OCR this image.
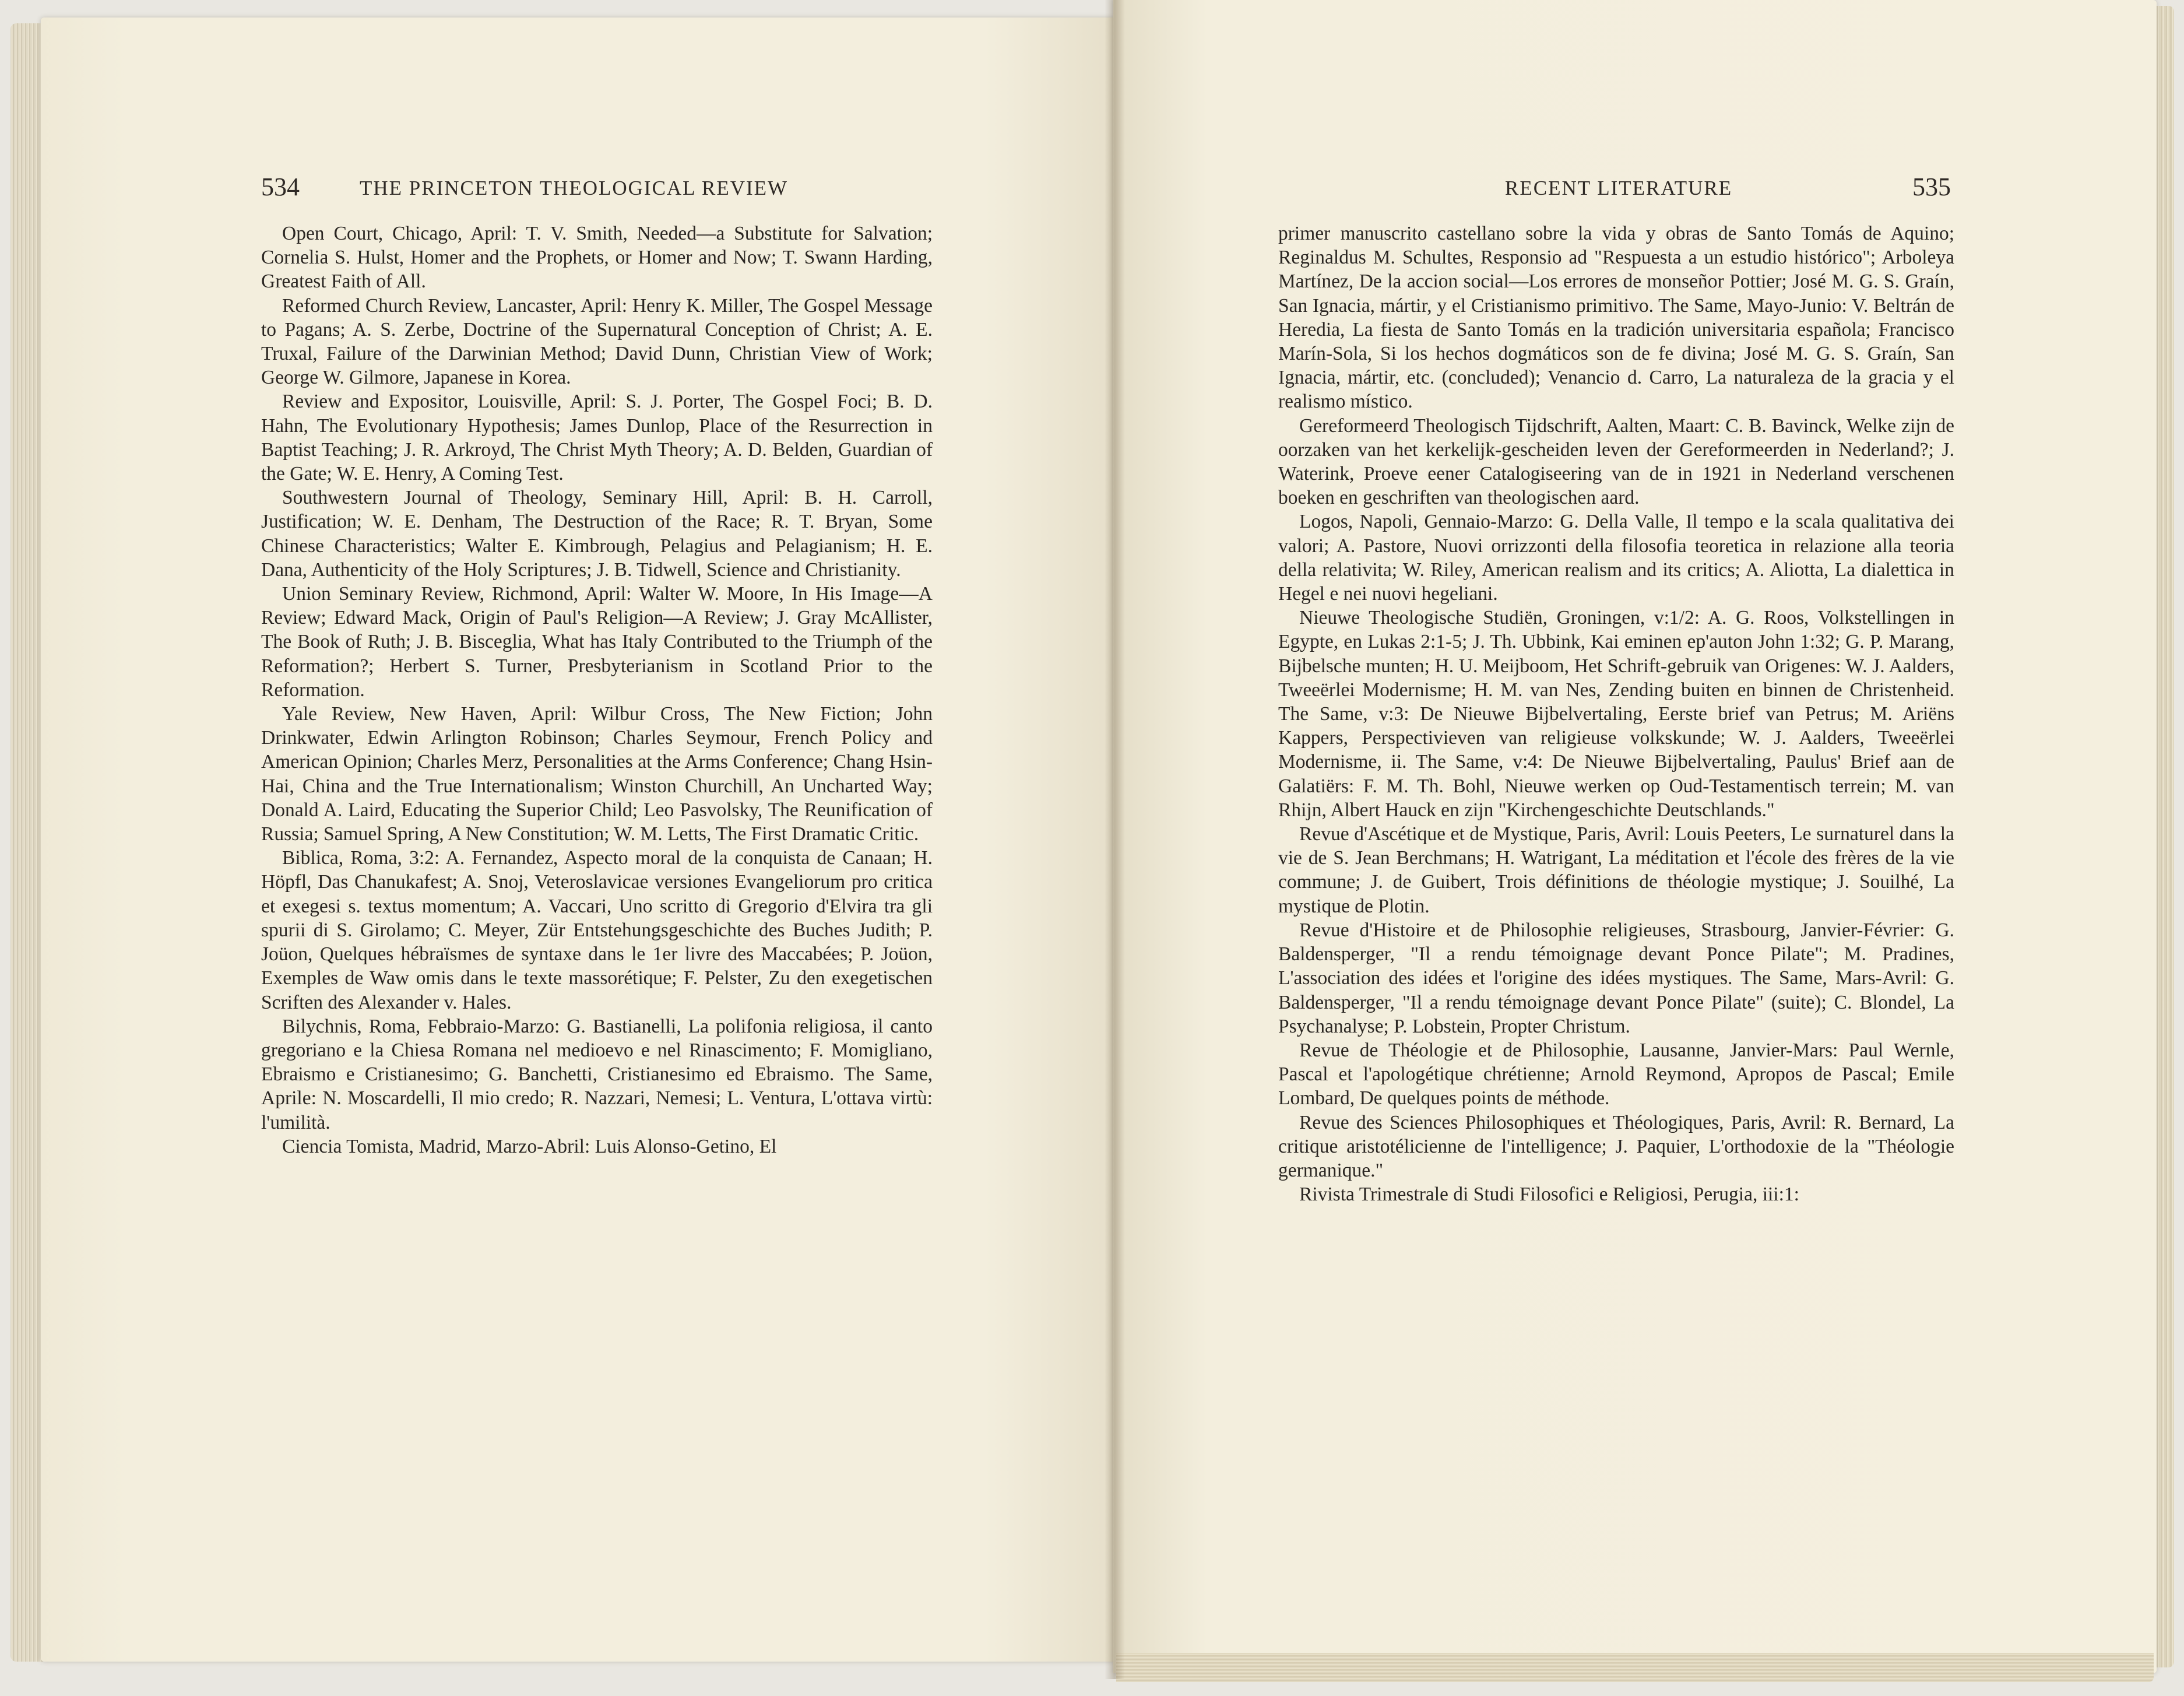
534	THE PRINCETON THEOLOGICAL REVIEW	RECENT LITERATURE	535

Open Court, Chicago, April: T. V. Smith, Needed—a Substitute for Salvation; Cornelia S. Hulst, Homer and the Prophets, or Homer and Now; T. Swann Harding, Greatest Faith of All.

Reformed Church Review, Lancaster, April: Henry K. Miller, The Gospel Message to Pagans; A. S. Zerbe, Doctrine of the Supernatural Conception of Christ; A. E. Truxal, Failure of the Darwinian Method; David Dunn, Christian View of Work; George W. Gilmore, Japanese in Korea.

Review and Expositor, Louisville, April: S. J. Porter, The Gospel Foci; B. D. Hahn, The Evolutionary Hypothesis; James Dunlop, Place of the Resurrection in Baptist Teaching; J. R. Arkroyd, The Christ Myth Theory; A. D. Belden, Guardian of the Gate; W. E. Henry, A Coming Test.

Southwestern Journal of Theology, Seminary Hill, April: B. H. Carroll, Justification; W. E. Denham, The Destruction of the Race; R. T. Bryan, Some Chinese Characteristics; Walter E. Kimbrough, Pelagius and Pelagianism; H. E. Dana, Authenticity of the Holy Scriptures; J. B. Tidwell, Science and Christianity.

Union Seminary Review, Richmond, April: Walter W. Moore, In His Image—A Review; Edward Mack, Origin of Paul's Religion—A Review; J. Gray McAllister, The Book of Ruth; J. B. Bisceglia, What has Italy Contributed to the Triumph of the Reformation?; Herbert S. Turner, Presbyterianism in Scotland Prior to the Reformation.

Yale Review, New Haven, April: Wilbur Cross, The New Fiction; John Drinkwater, Edwin Arlington Robinson; Charles Seymour, French Policy and American Opinion; Charles Merz, Personalities at the Arms Conference; Chang Hsin-Hai, China and the True Internationalism; Winston Churchill, An Uncharted Way; Donald A. Laird, Educating the Superior Child; Leo Pasvolsky, The Reunification of Russia; Samuel Spring, A New Constitution; W. M. Letts, The First Dramatic Critic.

Biblica, Roma, 3:2: A. Fernandez, Aspecto moral de la conquista de Canaan; H. Höpfl, Das Chanukafest; A. Snoj, Veteroslavicae versiones Evangeliorum pro critica et exegesi s. textus momentum; A. Vaccari, Uno scritto di Gregorio d'Elvira tra gli spurii di S. Girolamo; C. Meyer, Zür Entstehungsgeschichte des Buches Judith; P. Joüon, Quelques hébraïsmes de syntaxe dans le 1er livre des Maccabées; P. Joüon, Exemples de Waw omis dans le texte massorétique; F. Pelster, Zu den exegetischen Scriften des Alexander v. Hales.

Bilychnis, Roma, Febbraio-Marzo: G. Bastianelli, La polifonia religiosa, il canto gregoriano e la Chiesa Romana nel medioevo e nel Rinascimento; F. Momigliano, Ebraismo e Cristianesimo; G. Banchetti, Cristianesimo ed Ebraismo. The Same, Aprile: N. Moscardelli, Il mio credo; R. Nazzari, Nemesi; L. Ventura, L'ottava virtù: l'umilità.

Ciencia Tomista, Madrid, Marzo-Abril: Luis Alonso-Getino, El

primer manuscrito castellano sobre la vida y obras de Santo Tomás de Aquino; Reginaldus M. Schultes, Responsio ad "Respuesta a un estudio histórico"; Arboleya Martínez, De la accion social—Los errores de monseñor Pottier; José M. G. S. Graín, San Ignacia, mártir, y el Cristianismo primitivo. The Same, Mayo-Junio: V. Beltrán de Heredia, La fiesta de Santo Tomás en la tradición universitaria española; Francisco Marín-Sola, Si los hechos dogmáticos son de fe divina; José M. G. S. Graín, San Ignacia, mártir, etc. (concluded); Venancio d. Carro, La naturaleza de la gracia y el realismo místico.

Gereformeerd Theologisch Tijdschrift, Aalten, Maart: C. B. Bavinck, Welke zijn de oorzaken van het kerkelijk-gescheiden leven der Gereformeerden in Nederland?; J. Waterink, Proeve eener Catalogiseering van de in 1921 in Nederland verschenen boeken en geschriften van theologischen aard.

Logos, Napoli, Gennaio-Marzo: G. Della Valle, Il tempo e la scala qualitativa dei valori; A. Pastore, Nuovi orrizzonti della filosofia teoretica in relazione alla teoria della relativita; W. Riley, American realism and its critics; A. Aliotta, La dialettica in Hegel e nei nuovi hegeliani.

Nieuwe Theologische Studiën, Groningen, v:1/2: A. G. Roos, Volkstellingen in Egypte, en Lukas 2:1-5; J. Th. Ubbink, Kai eminen ep'auton John 1:32; G. P. Marang, Bijbelsche munten; H. U. Meijboom, Het Schrift-gebruik van Origenes: W. J. Aalders, Tweeërlei Modernisme; H. M. van Nes, Zending buiten en binnen de Christenheid. The Same, v:3: De Nieuwe Bijbelvertaling, Eerste brief van Petrus; M. Ariëns Kappers, Perspectivieven van religieuse volkskunde; W. J. Aalders, Tweeërlei Modernisme, ii. The Same, v:4: De Nieuwe Bijbelvertaling, Paulus' Brief aan de Galatiërs: F. M. Th. Bohl, Nieuwe werken op Oud-Testamentisch terrein; M. van Rhijn, Albert Hauck en zijn "Kirchengeschichte Deutschlands."

Revue d'Ascétique et de Mystique, Paris, Avril: Louis Peeters, Le surnaturel dans la vie de S. Jean Berchmans; H. Watrigant, La méditation et l'école des frères de la vie commune; J. de Guibert, Trois définitions de théologie mystique; J. Souilhé, La mystique de Plotin.

Revue d'Histoire et de Philosophie religieuses, Strasbourg, Janvier-Février: G. Baldensperger, "Il a rendu témoignage devant Ponce Pilate"; M. Pradines, L'association des idées et l'origine des idées mystiques. The Same, Mars-Avril: G. Baldensperger, "Il a rendu témoignage devant Ponce Pilate" (suite); C. Blondel, La Psychanalyse; P. Lobstein, Propter Christum.

Revue de Théologie et de Philosophie, Lausanne, Janvier-Mars: Paul Wernle, Pascal et l'apologétique chrétienne; Arnold Reymond, Apropos de Pascal; Emile Lombard, De quelques points de méthode.

Revue des Sciences Philosophiques et Théologiques, Paris, Avril: R. Bernard, La critique aristotélicienne de l'intelligence; J. Paquier, L'orthodoxie de la "Théologie germanique."

Rivista Trimestrale di Studi Filosofici e Religiosi, Perugia, iii:1:
